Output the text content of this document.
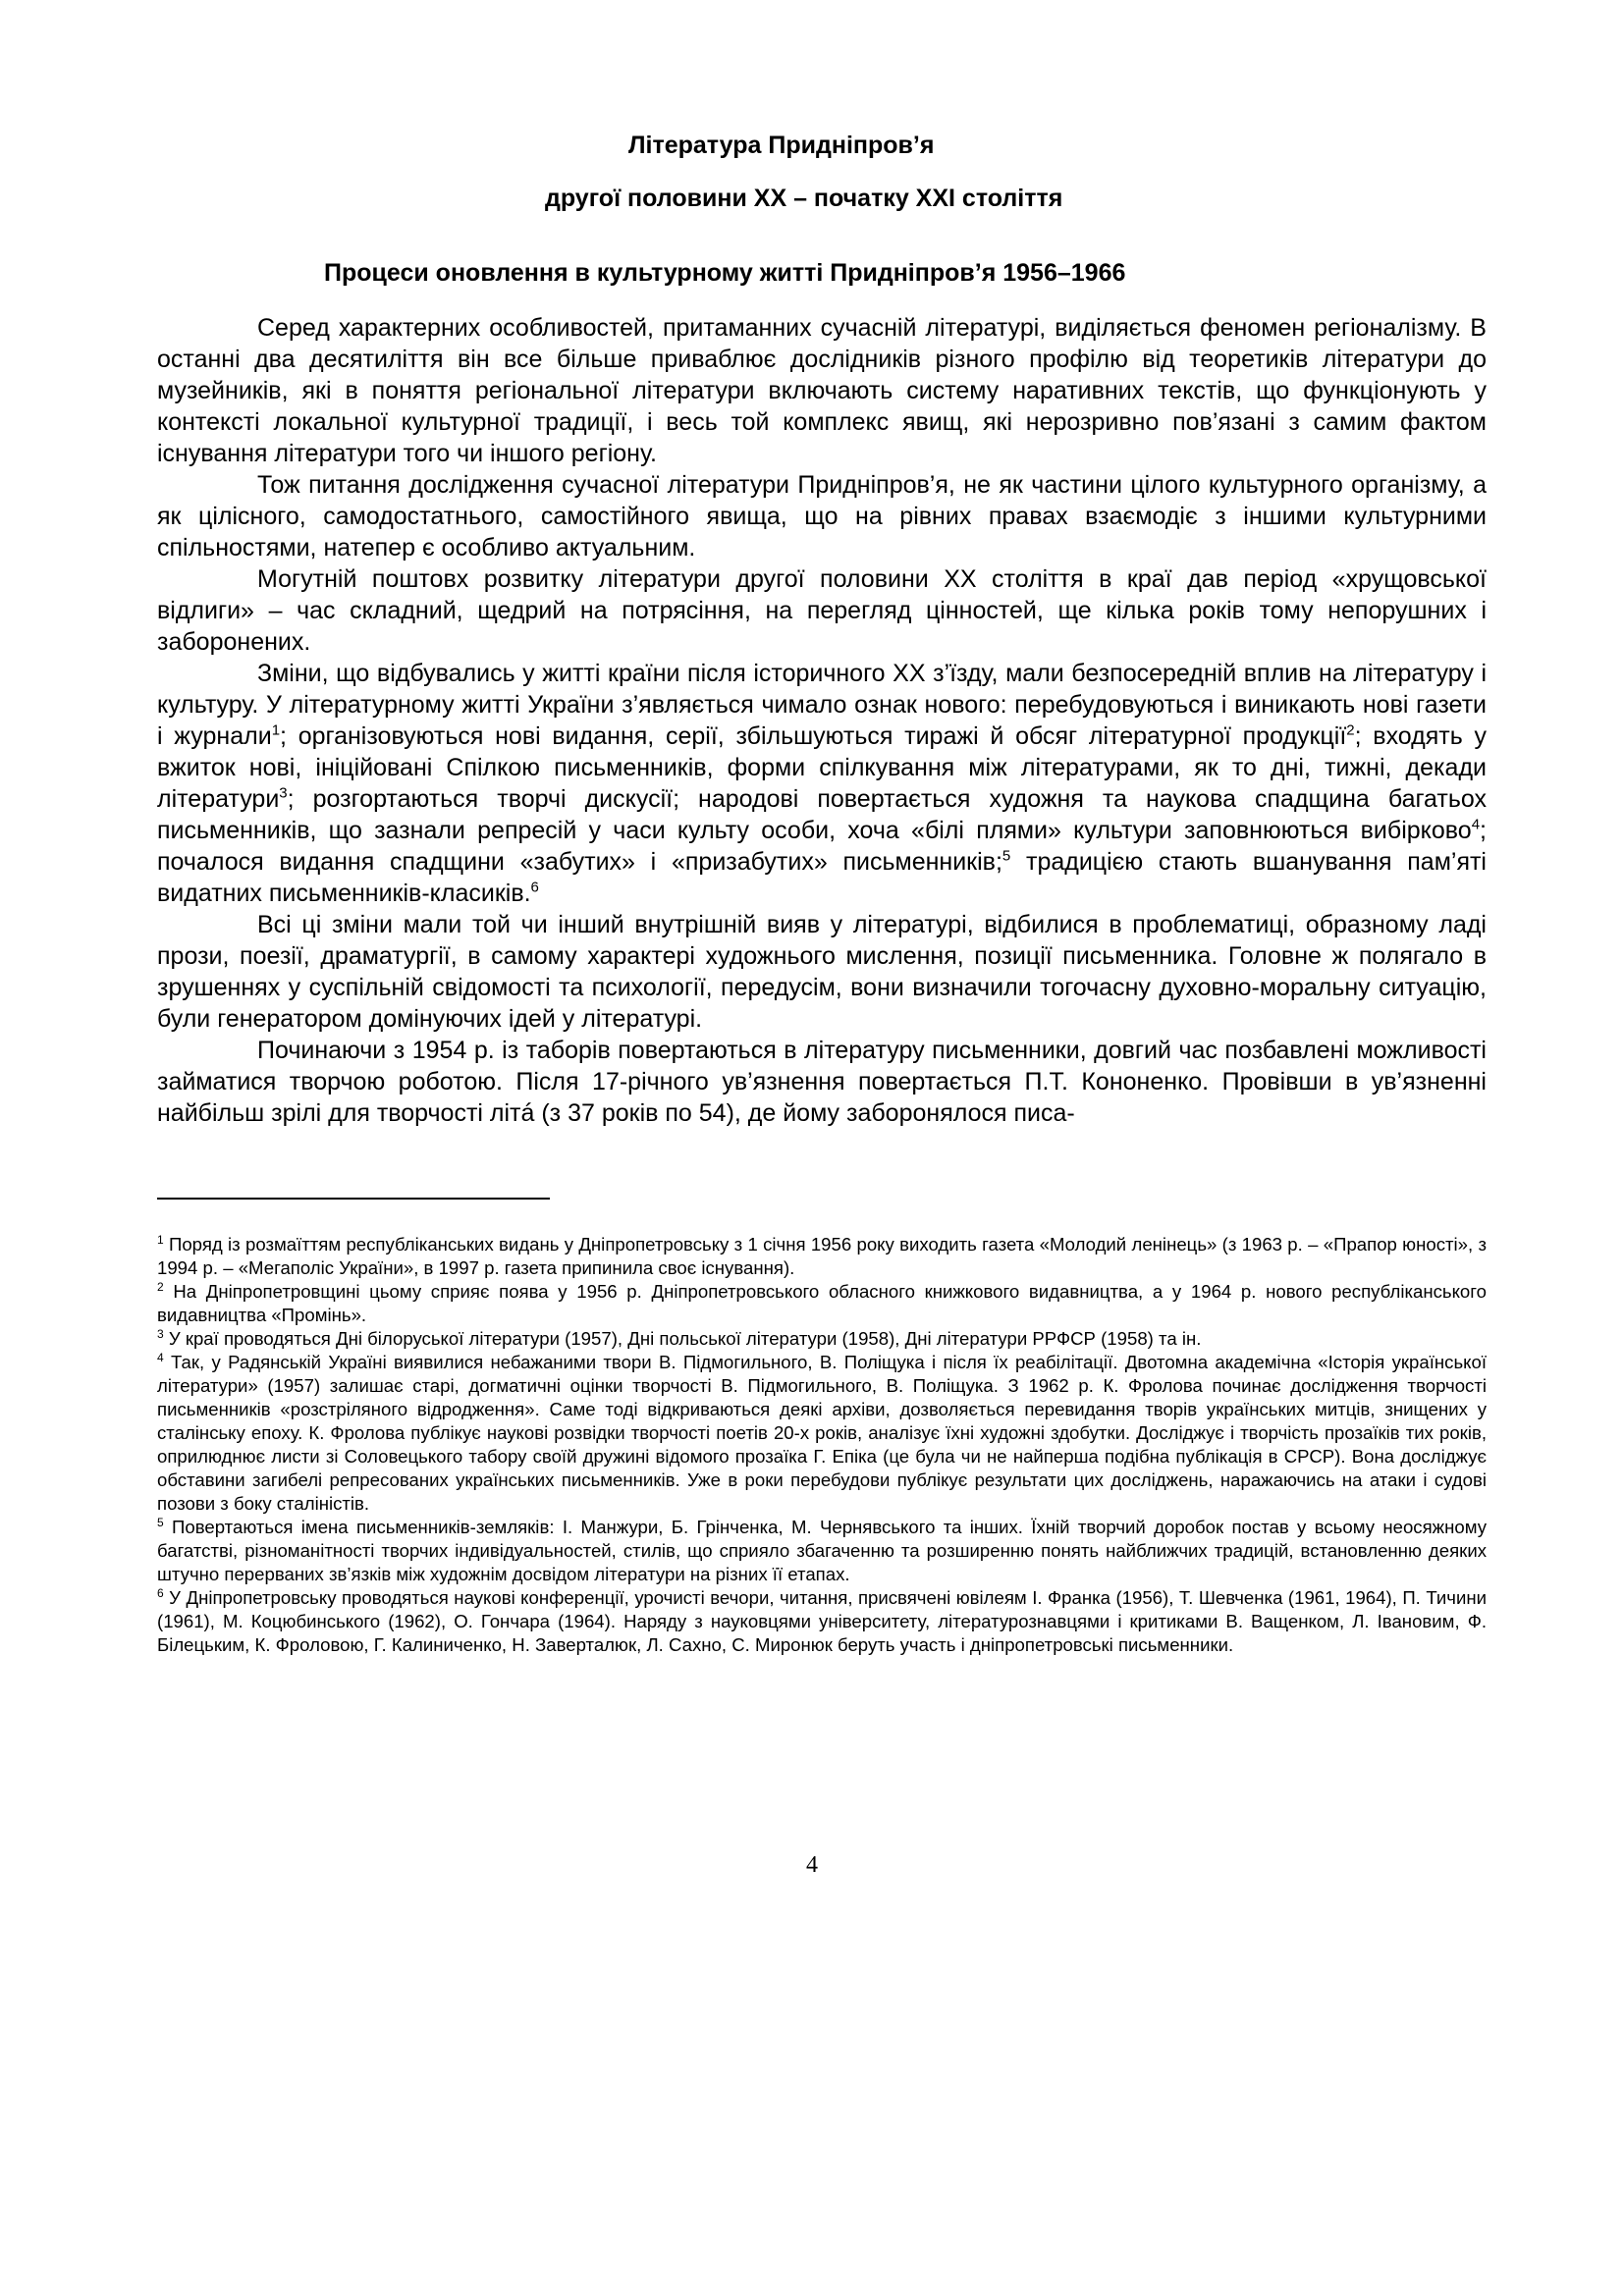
Література Придніпров’я
другої половини ХХ – початку ХХІ століття
Процеси оновлення в культурному житті Придніпров’я 1956–1966

Серед характерних особливостей, притаманних сучасній літературі, виділяється феномен регіоналізму. В останні два десятиліття він все більше приваблює дослідників різного профілю від теоретиків літератури до музейників, які в поняття регіональної літератури включають систему наративних текстів, що функціонують у контексті локальної культурної традиції, і весь той комплекс явищ, які нерозривно пов’язані з самим фактом існування літератури того чи іншого регіону.

Тож питання дослідження сучасної літератури Придніпров’я, не як частини цілого культурного організму, а як цілісного, самодостатнього, самостійного явища, що на рівних правах взаємодіє з іншими культурними спільностями, натепер є особливо актуальним.

Могутній поштовх розвитку літератури другої половини ХХ століття в краї дав період «хрущовської відлиги» – час складний, щедрий на потрясіння, на перегляд цінностей, ще кілька років тому непорушних і заборонених.

Зміни, що відбувались у житті країни після історичного ХХ з’їзду, мали безпосередній вплив на літературу і культуру. У літературному житті України з’являється чимало ознак нового: перебудовуються і виникають нові газети і журнали$^1$; організовуються нові видання, серії, збільшуються тиражі й обсяг літературної продукції$^2$; входять у вжиток нові, ініційовані Спілкою письменників, форми спілкування між літературами, як то дні, тижні, декади літератури$^3$; розгортаються творчі дискусії; народові повертається художня та наукова спадщина багатьох письменників, що зазнали репресій у часи культу особи, хоча «білі плями» культури заповнюються вибірково$^4$; почалося видання спадщини «забутих» і «призабутих» письменників;$^5$ традицією стають вшанування пам’яті видатних письменників-класиків.$^6$

Всі ці зміни мали той чи інший внутрішній вияв у літературі, відбилися в проблематиці, образному ладі прози, поезії, драматургії, в самому характері художнього мислення, позиції письменника. Головне ж полягало в зрушеннях у суспільній свідомості та психології, передусім, вони визначили тогочасну духовно-моральну ситуацію, були генератором домінуючих ідей у літературі.

Починаючи з 1954 р. із таборів повертаються в літературу письменники, довгий час позбавлені можливості займатися творчою роботою. Після 17-річного ув’язнення повертається П.Т. Кононенко. Провівши в ув’язненні найбільш зрілі для творчості літá (з 37 років по 54), де йому заборонялося писа-

$^1$ Поряд із розмаїттям республіканських видань у Дніпропетровську з 1 січня 1956 року виходить газета «Молодий ленінець» (з 1963 р. – «Прапор юності», з 1994 р. – «Мегаполіс України», в 1997 р. газета припинила своє існування).

$^2$ На Дніпропетровщині цьому сприяє поява у 1956 р. Дніпропетровського обласного книжкового видавництва, а у 1964 р. нового республіканського видавництва «Промінь».

$^3$ У краї проводяться Дні білоруської літератури (1957), Дні польської літератури (1958), Дні літератури РРФСР (1958) та ін.

$^4$ Так, у Радянській Україні виявилися небажаними твори В. Підмогильного, В. Поліщука і після їх реабілітації. Двотомна академічна «Історія української літератури» (1957) залишає старі, догматичні оцінки творчості В. Підмогильного, В. Поліщука. З 1962 р. К. Фролова починає дослідження творчості письменників «розстріляного відродження». Саме тоді відкриваються деякі архіви, дозволяється перевидання творів українських митців, знищених у сталінську епоху. К. Фролова публікує наукові розвідки творчості поетів 20-х років, аналізує їхні художні здобутки. Досліджує і творчість прозаїків тих років, оприлюднює листи зі Соловецького табору своїй дружині відомого прозаїка Г. Епіка (це була чи не найперша подібна публікація в СРСР). Вона досліджує обставини загибелі репресованих українських письменників. Уже в роки перебудови публікує результати цих досліджень, наражаючись на атаки і судові позови з боку сталіністів.

$^5$ Повертаються імена письменників-земляків: І. Манжури, Б. Грінченка, М. Чернявського та інших. Їхній творчий доробок постав у всьому неосяжному багатстві, різноманітності творчих індивідуальностей, стилів, що сприяло збагаченню та розширенню понять найближчих традицій, встановленню деяких штучно перерваних зв’язків між художнім досвідом літератури на різних її етапах.

$^6$ У Дніпропетровську проводяться наукові конференції, урочисті вечори, читання, присвячені ювілеям І. Франка (1956), Т. Шевченка (1961, 1964), П. Тичини (1961), М. Коцюбинського (1962), О. Гончара (1964). Наряду з науковцями університету, літературознавцями і критиками В. Ващенком, Л. Івановим, Ф. Білецьким, К. Фроловою, Г. Калиниченко, Н. Заверталюк, Л. Сахно, С. Миронюк беруть участь і дніпропетровські письменники.

4
